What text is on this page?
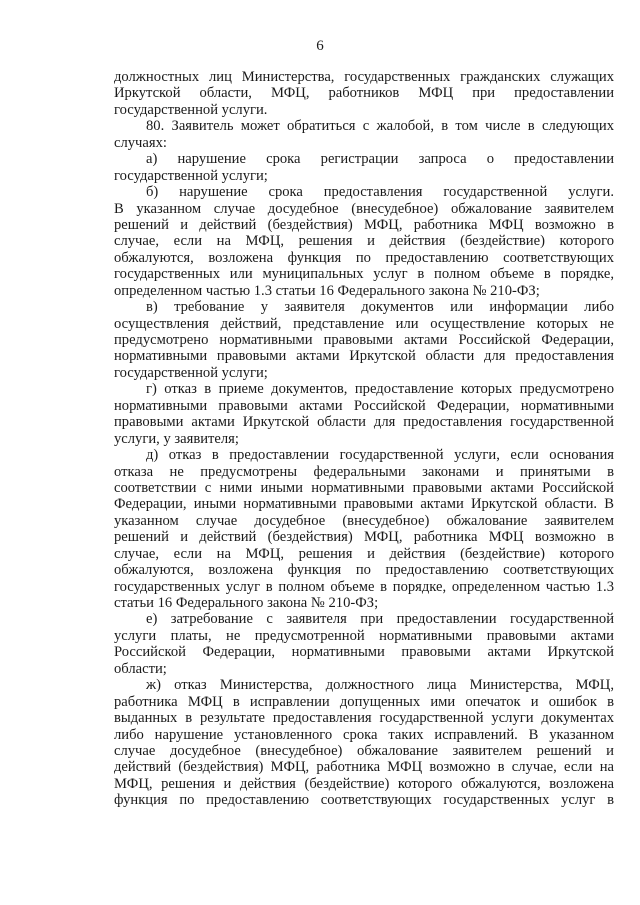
6
должностных лиц Министерства, государственных гражданских служащих
Иркутской области, МФЦ, работников МФЦ при предоставлении
государственной услуги.
80. Заявитель может обратиться с жалобой, в том числе в следующих
случаях:
а) нарушение срока регистрации запроса о предоставлении
государственной услуги;
б) нарушение срока предоставления государственной услуги.
В указанном случае досудебное (внесудебное) обжалование заявителем
решений и действий (бездействия) МФЦ, работника МФЦ возможно в
случае, если на МФЦ, решения и действия (бездействие) которого
обжалуются, возложена функция по предоставлению соответствующих
государственных или муниципальных услуг в полном объеме в порядке,
определенном частью 1.3 статьи 16 Федерального закона № 210-ФЗ;
в) требование у заявителя документов или информации либо
осуществления действий, представление или осуществление которых не
предусмотрено нормативными правовыми актами Российской Федерации,
нормативными правовыми актами Иркутской области для предоставления
государственной услуги;
г) отказ в приеме документов, предоставление которых предусмотрено
нормативными правовыми актами Российской Федерации, нормативными
правовыми актами Иркутской области для предоставления государственной
услуги, у заявителя;
д) отказ в предоставлении государственной услуги, если основания
отказа не предусмотрены федеральными законами и принятыми в
соответствии с ними иными нормативными правовыми актами Российской
Федерации, иными нормативными правовыми актами Иркутской области. В
указанном случае досудебное (внесудебное) обжалование заявителем
решений и действий (бездействия) МФЦ, работника МФЦ возможно в
случае, если на МФЦ, решения и действия (бездействие) которого
обжалуются, возложена функция по предоставлению соответствующих
государственных услуг в полном объеме в порядке, определенном частью 1.3
статьи 16 Федерального закона № 210-ФЗ;
е) затребование с заявителя при предоставлении государственной
услуги платы, не предусмотренной нормативными правовыми актами
Российской Федерации, нормативными правовыми актами Иркутской
области;
ж) отказ Министерства, должностного лица Министерства, МФЦ,
работника МФЦ в исправлении допущенных ими опечаток и ошибок в
выданных в результате предоставления государственной услуги документах
либо нарушение установленного срока таких исправлений. В указанном
случае досудебное (внесудебное) обжалование заявителем решений и
действий (бездействия) МФЦ, работника МФЦ возможно в случае, если на
МФЦ, решения и действия (бездействие) которого обжалуются, возложена
функция по предоставлению соответствующих государственных услуг в
